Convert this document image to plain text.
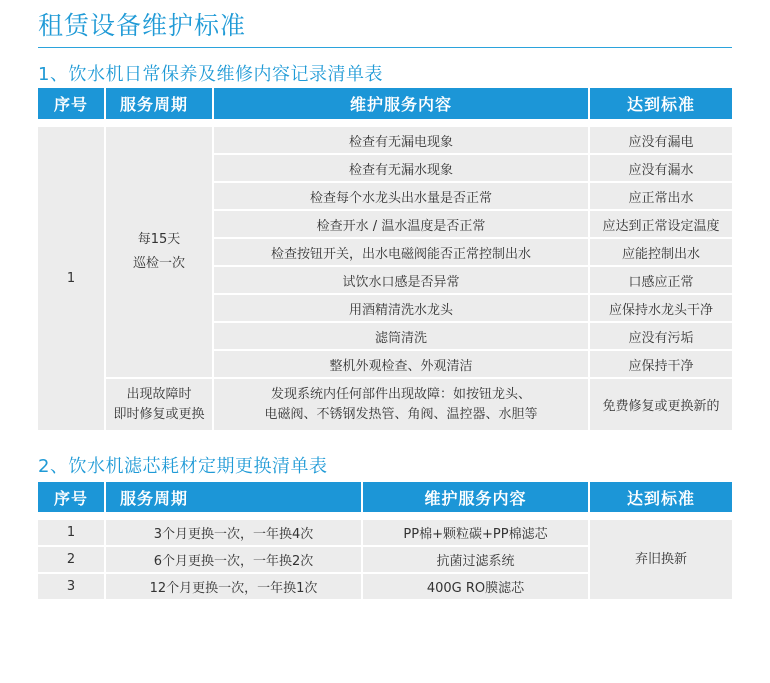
租赁设备维护标准
1、饮水机日常保养及维修内容记录清单表
序号	服务周期	维护服务内容	达到标准
1
每15天
巡检一次
检查有无漏电现象	应没有漏电
检查有无漏水现象	应没有漏水
检查每个水龙头出水量是否正常	应正常出水
检查开水 / 温水温度是否正常	应达到正常设定温度
检查按钮开关，出水电磁阀能否正常控制出水	应能控制出水
试饮水口感是否异常	口感应正常
用酒精清洗水龙头	应保持水龙头干净
滤筒清洗	应没有污垢
整机外观检查、外观清洁	应保持干净
出现故障时
即时修复或更换
发现系统内任何部件出现故障：如按钮龙头、
电磁阀、不锈钢发热管、角阀、温控器、水胆等	免费修复或更换新的
2、饮水机滤芯耗材定期更换清单表
序号	服务周期	维护服务内容	达到标准
1	3个月更换一次，一年换4次	PP棉+颗粒碳+PP棉滤芯
2	6个月更换一次，一年换2次	抗菌过滤系统
3	12个月更换一次，一年换1次	400G RO膜滤芯
弃旧换新
